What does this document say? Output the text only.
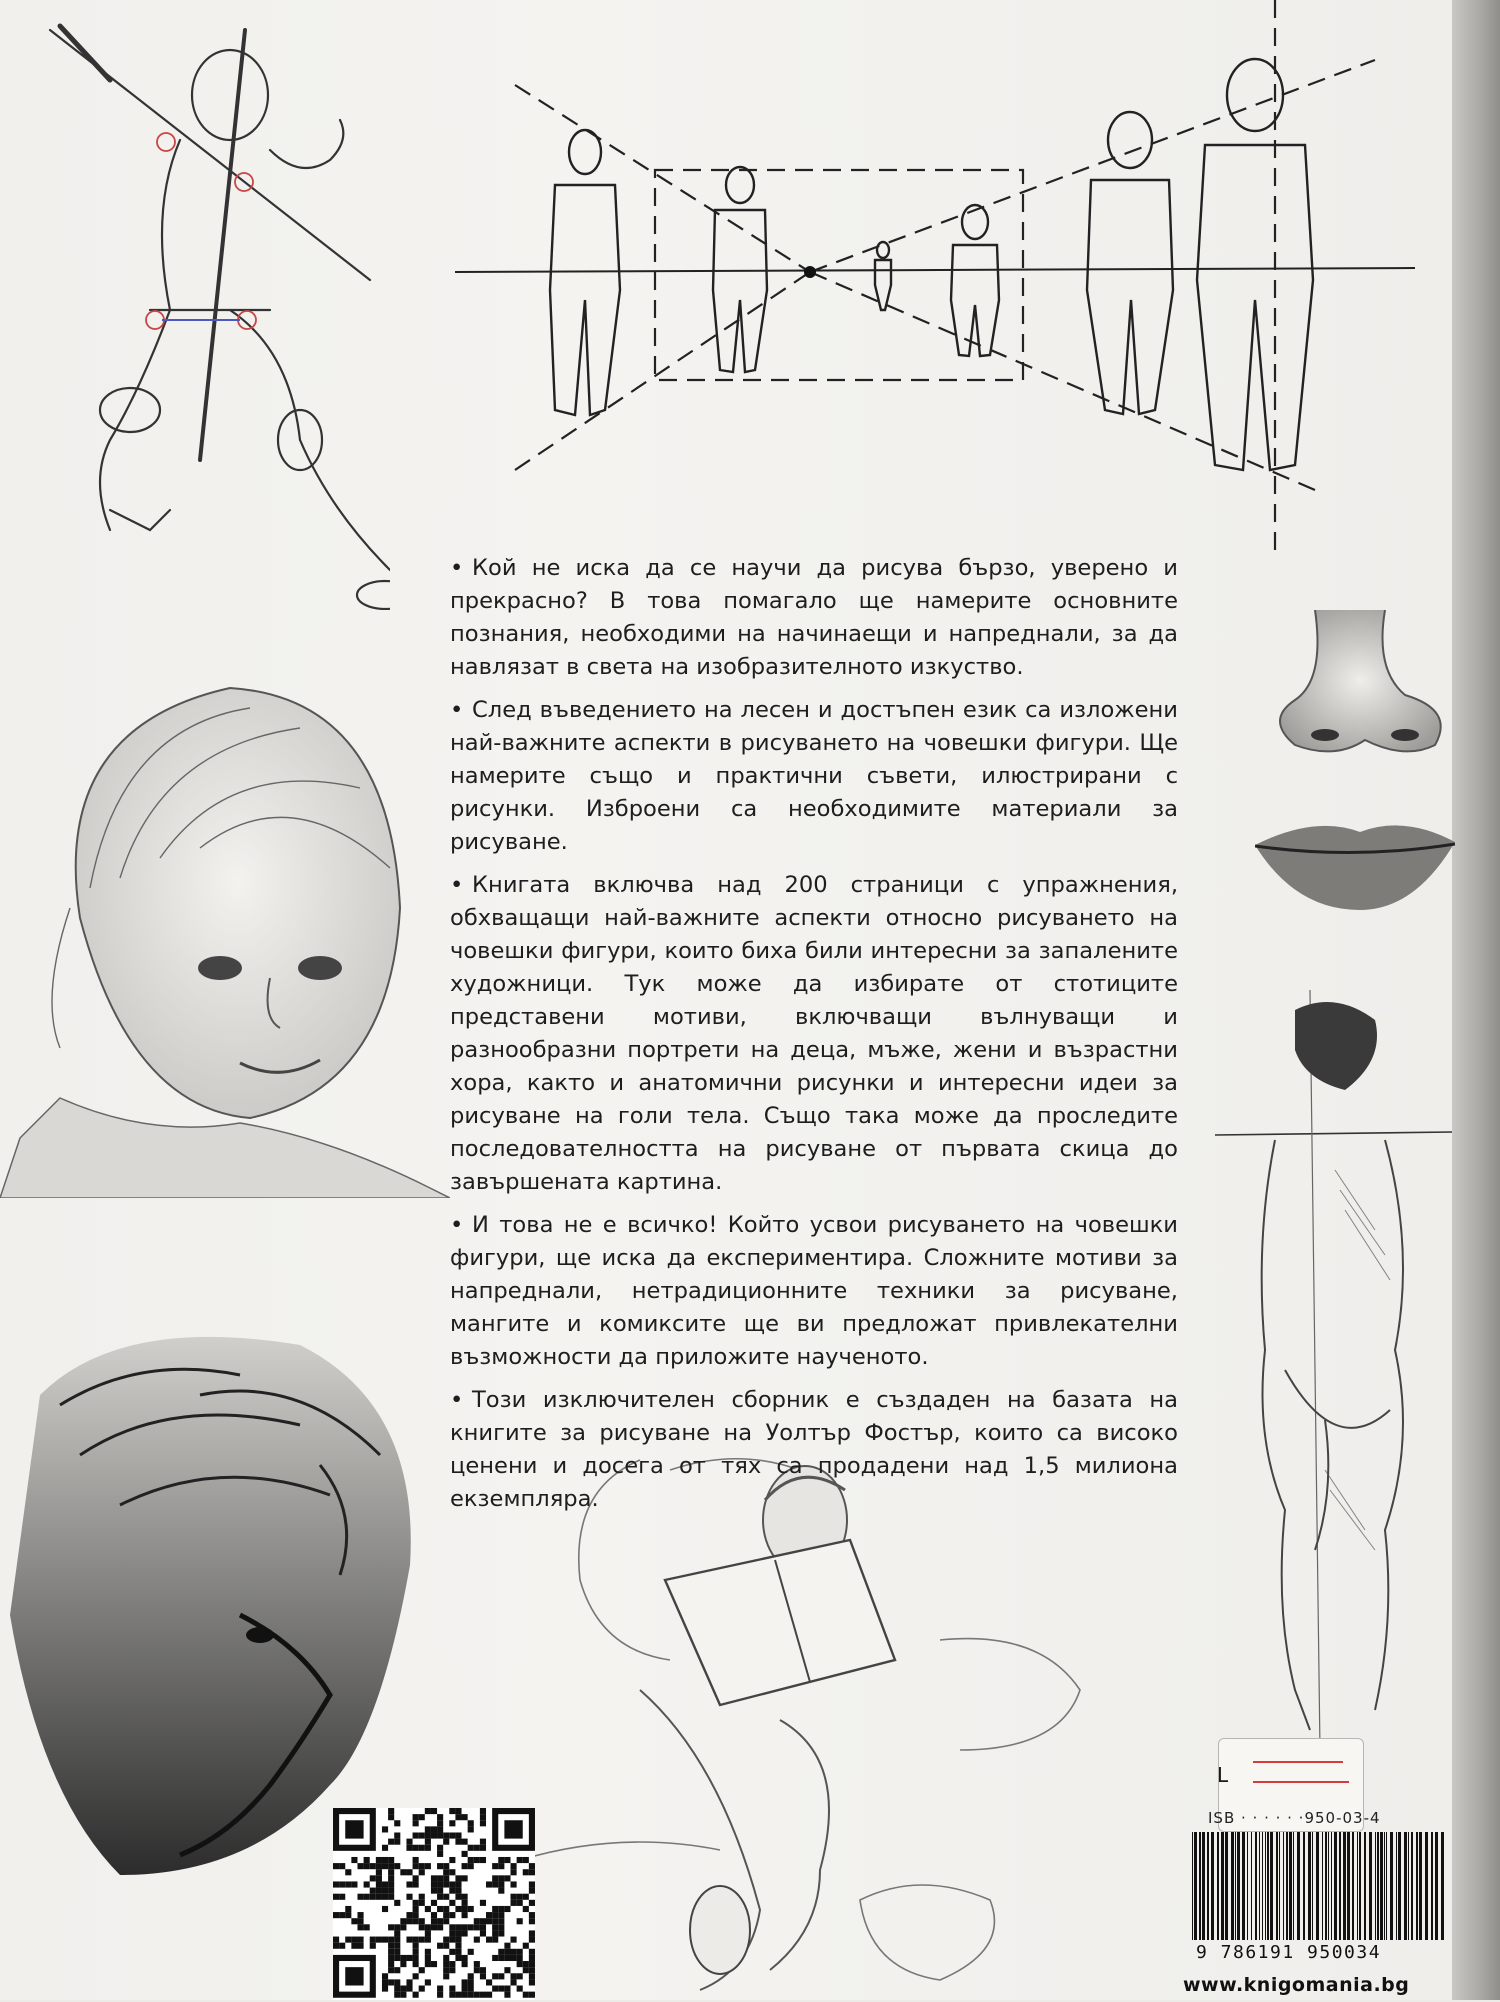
• Кой не иска да се научи да рисува бързо, уверено и прекрасно? В това помагало ще намерите основните познания, необходими на начинаещи и напреднали, за да навлязат в света на изобразителното изкуство.

• След въведението на лесен и достъпен език са изложени най-важните аспекти в рисуването на човешки фигури. Ще намерите също и практични съвети, илюстрирани с рисунки. Изброени са необходимите материали за рисуване.

• Книгата включва над 200 страници с упражнения, обхващащи най-важните аспекти относно рисуването на човешки фигури, които биха били интересни за запалените художници. Тук може да избирате от стотиците представени мотиви, включващи вълнуващи и разнообразни портрети на деца, мъже, жени и възрастни хора, както и анатомични рисунки и интересни идеи за рисуване на голи тела. Също така може да проследите последователността на рисуване от първата скица до завършената картина.

• И това не е всичко! Който усвои рисуването на човешки фигури, ще иска да експериментира. Сложните мотиви за напреднали, нетрадиционните техники за рисуване, мангите и комиксите ще ви предложат привлекателни възможности да приложите наученото.

• Този изключителен сборник е създаден на базата на книгите за рисуване на Уолтър Фостър, които са високо ценени и досега от тях са продадени над 1,5 милиона екземпляра.

L
ISB · · · · · ·950-03-4
9 786191 950034
www.knigomania.bg
